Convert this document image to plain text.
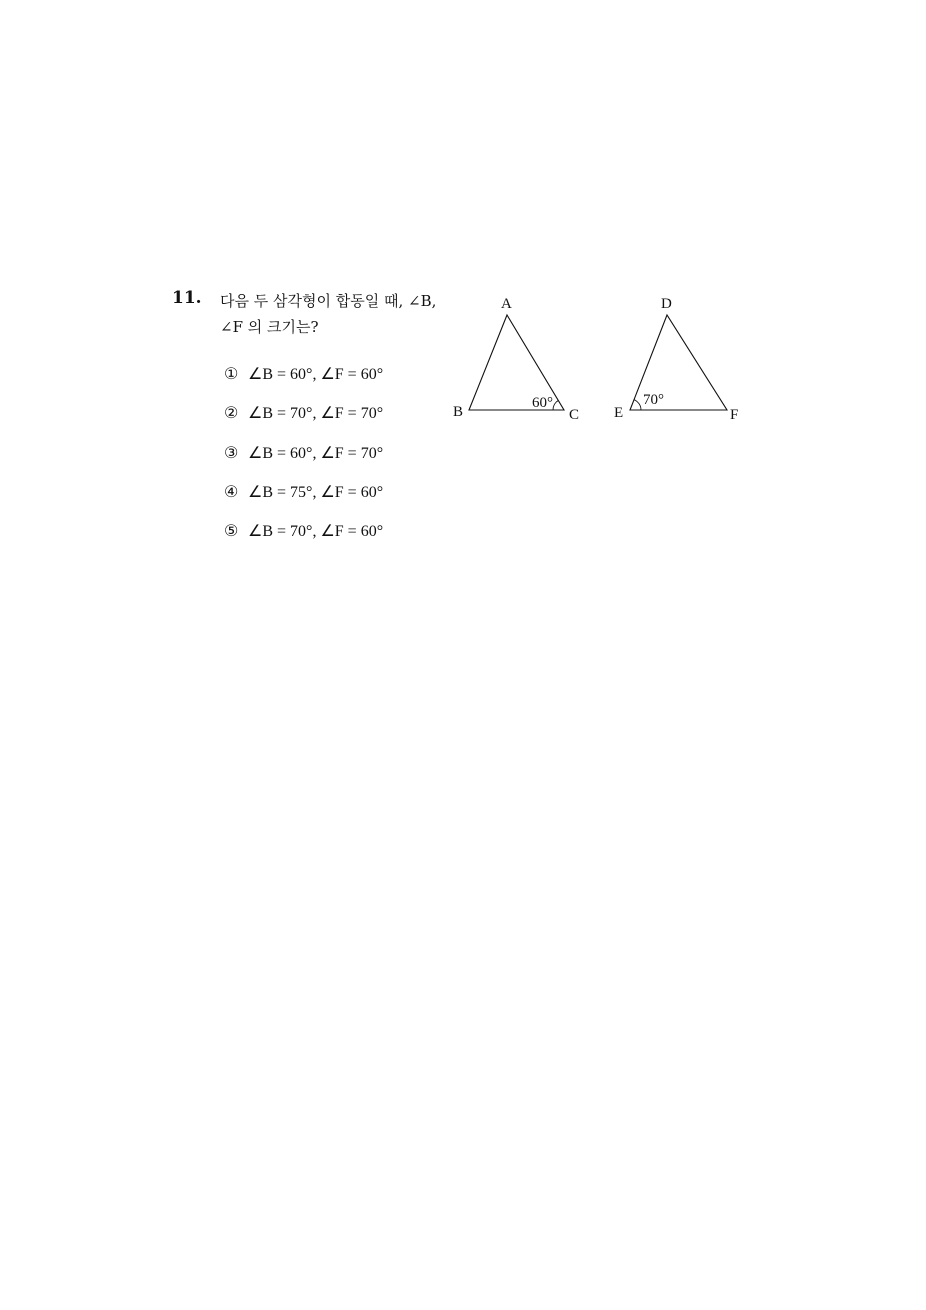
11. 다음 두 삼각형이 합동일 때, ∠B,
∠F 의 크기는?
① ∠B = 60°, ∠F = 60°
② ∠B = 70°, ∠F = 70°
③ ∠B = 60°, ∠F = 70°
④ ∠B = 75°, ∠F = 60°
⑤ ∠B = 70°, ∠F = 60°
A
B	C
60°
D
E	F
70°
